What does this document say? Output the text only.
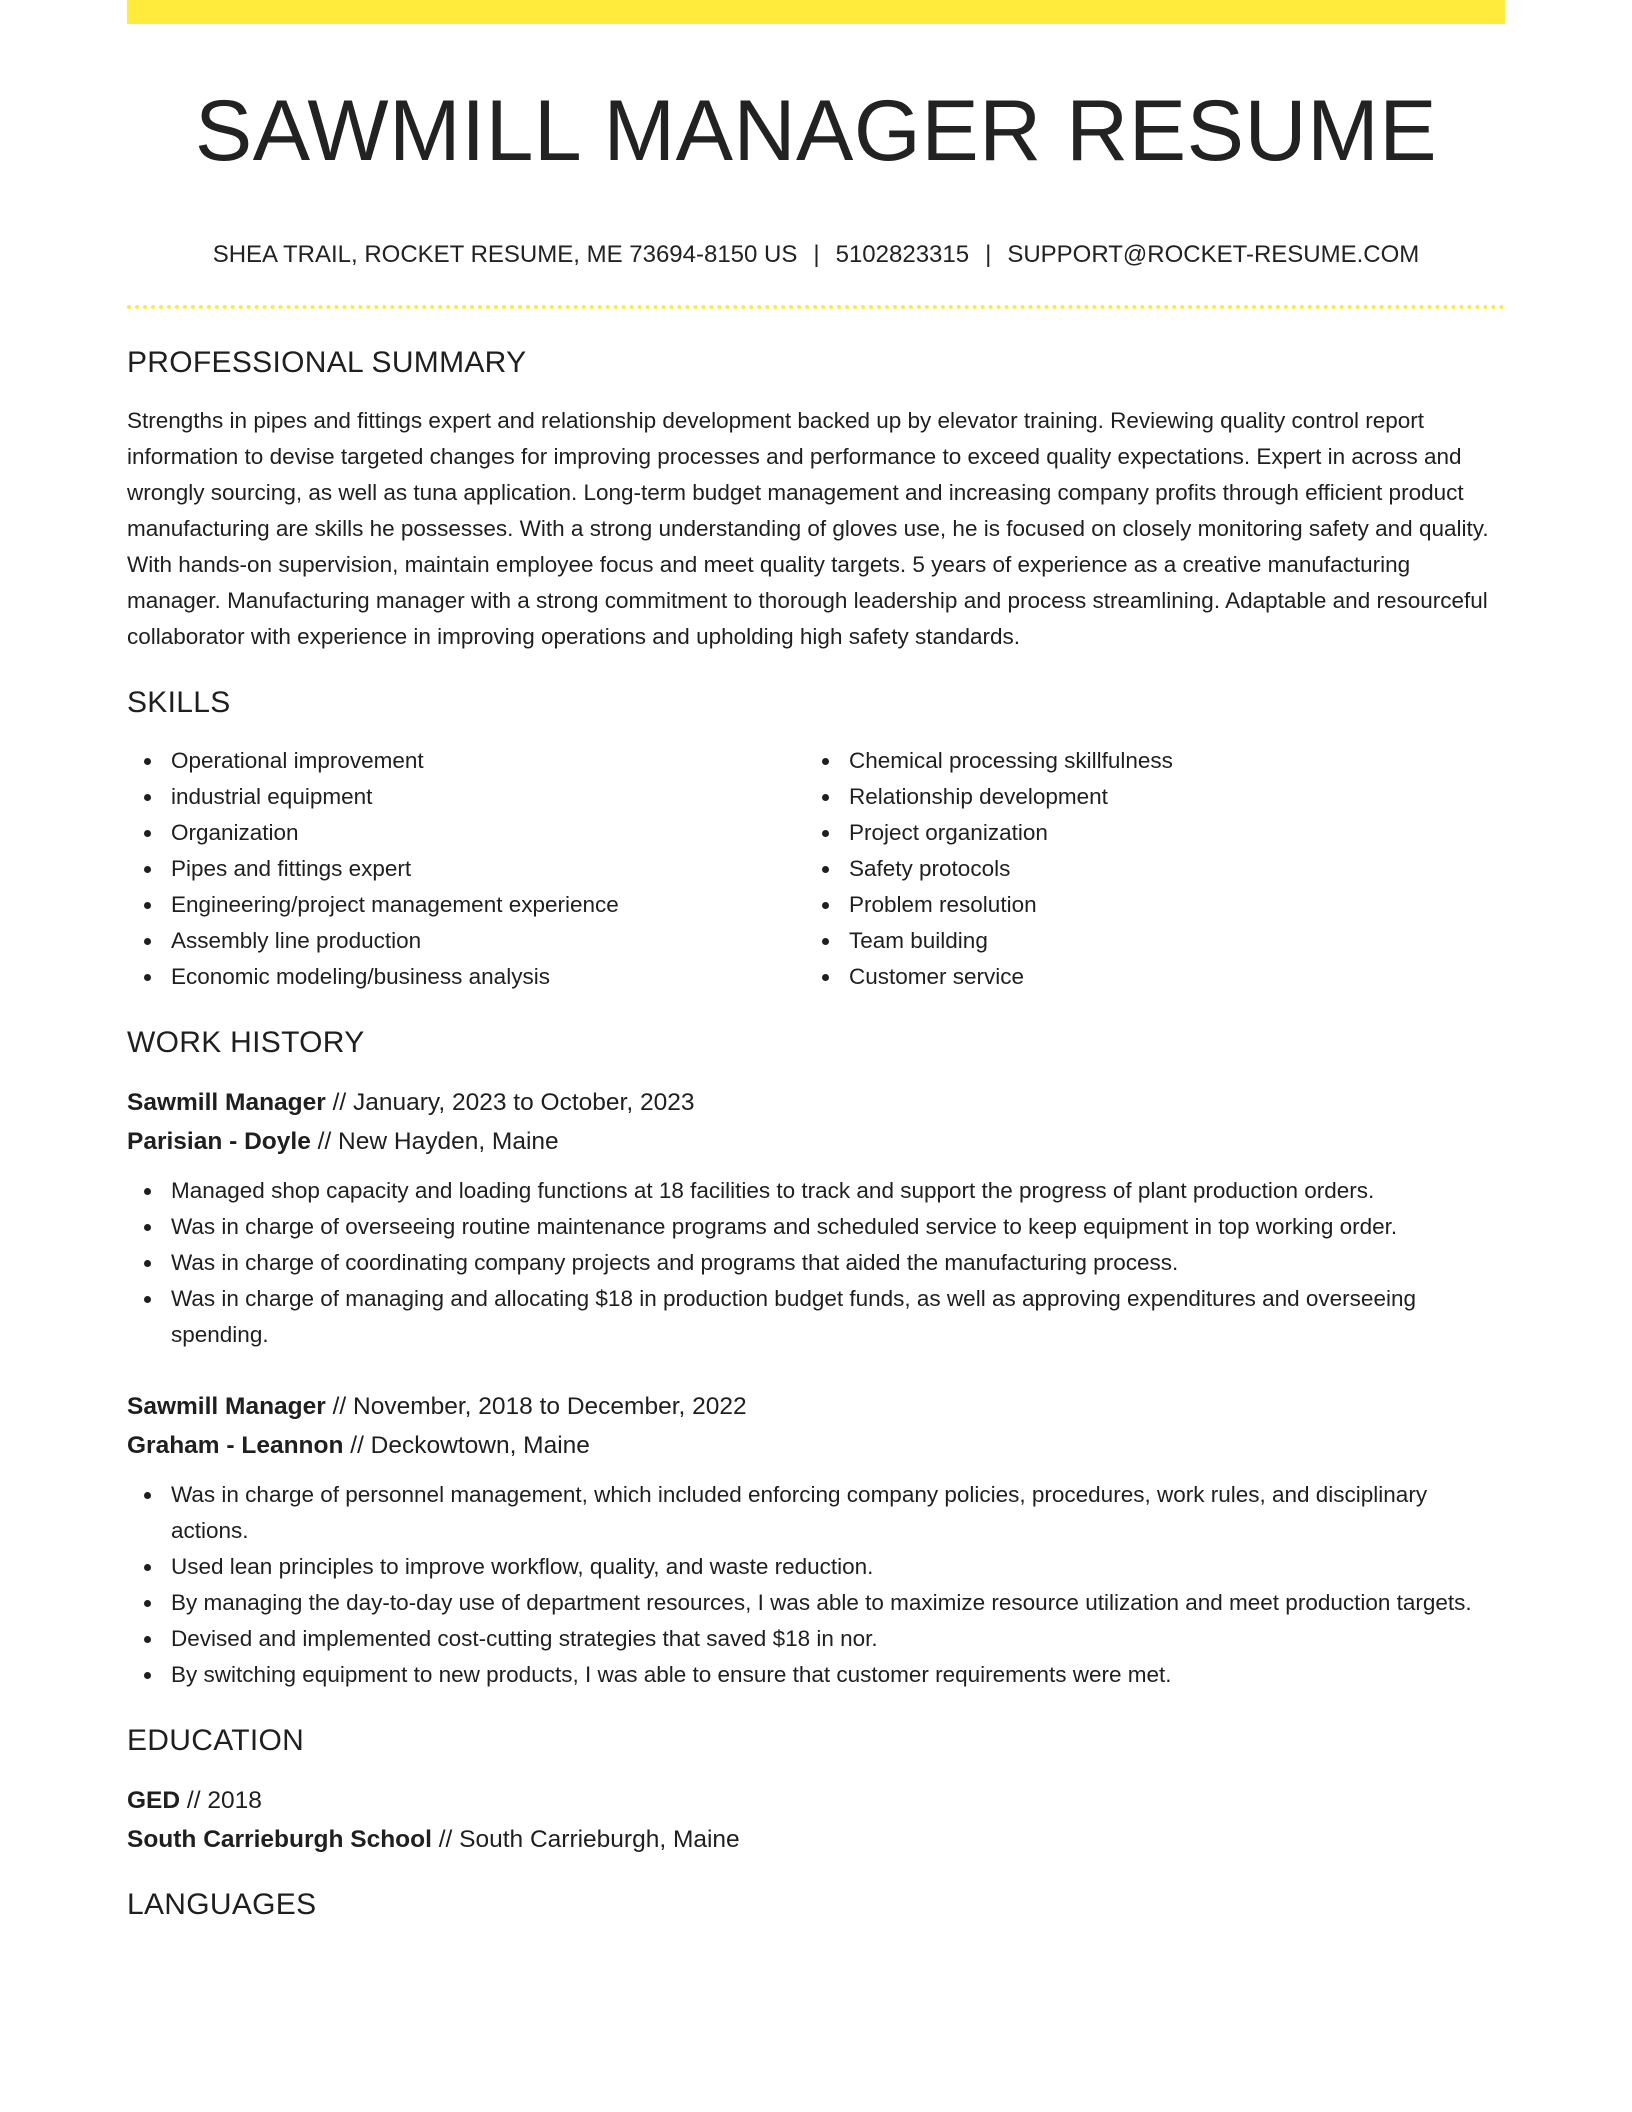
SAWMILL MANAGER RESUME
SHEA TRAIL, ROCKET RESUME, ME 73694-8150 US | 5102823315 | SUPPORT@ROCKET-RESUME.COM
PROFESSIONAL SUMMARY

Strengths in pipes and fittings expert and relationship development backed up by elevator training. Reviewing quality control report information to devise targeted changes for improving processes and performance to exceed quality expectations. Expert in across and wrongly sourcing, as well as tuna application. Long-term budget management and increasing company profits through efficient product manufacturing are skills he possesses. With a strong understanding of gloves use, he is focused on closely monitoring safety and quality. With hands-on supervision, maintain employee focus and meet quality targets. 5 years of experience as a creative manufacturing manager. Manufacturing manager with a strong commitment to thorough leadership and process streamlining. Adaptable and resourceful collaborator with experience in improving operations and upholding high safety standards.

SKILLS
Operational improvement
industrial equipment
Organization
Pipes and fittings expert
Engineering/project management experience
Assembly line production
Economic modeling/business analysis
Chemical processing skillfulness
Relationship development
Project organization
Safety protocols
Problem resolution
Team building
Customer service
WORK HISTORY
Sawmill Manager // January, 2023 to October, 2023
Parisian - Doyle // New Hayden, Maine
Managed shop capacity and loading functions at 18 facilities to track and support the progress of plant production orders.
Was in charge of overseeing routine maintenance programs and scheduled service to keep equipment in top working order.
Was in charge of coordinating company projects and programs that aided the manufacturing process.
Was in charge of managing and allocating $18 in production budget funds, as well as approving expenditures and overseeing spending.
Sawmill Manager // November, 2018 to December, 2022
Graham - Leannon // Deckowtown, Maine
Was in charge of personnel management, which included enforcing company policies, procedures, work rules, and disciplinary actions.
Used lean principles to improve workflow, quality, and waste reduction.
By managing the day-to-day use of department resources, I was able to maximize resource utilization and meet production targets.
Devised and implemented cost-cutting strategies that saved $18 in nor.
By switching equipment to new products, I was able to ensure that customer requirements were met.
EDUCATION
GED // 2018
South Carrieburgh School // South Carrieburgh, Maine
LANGUAGES
